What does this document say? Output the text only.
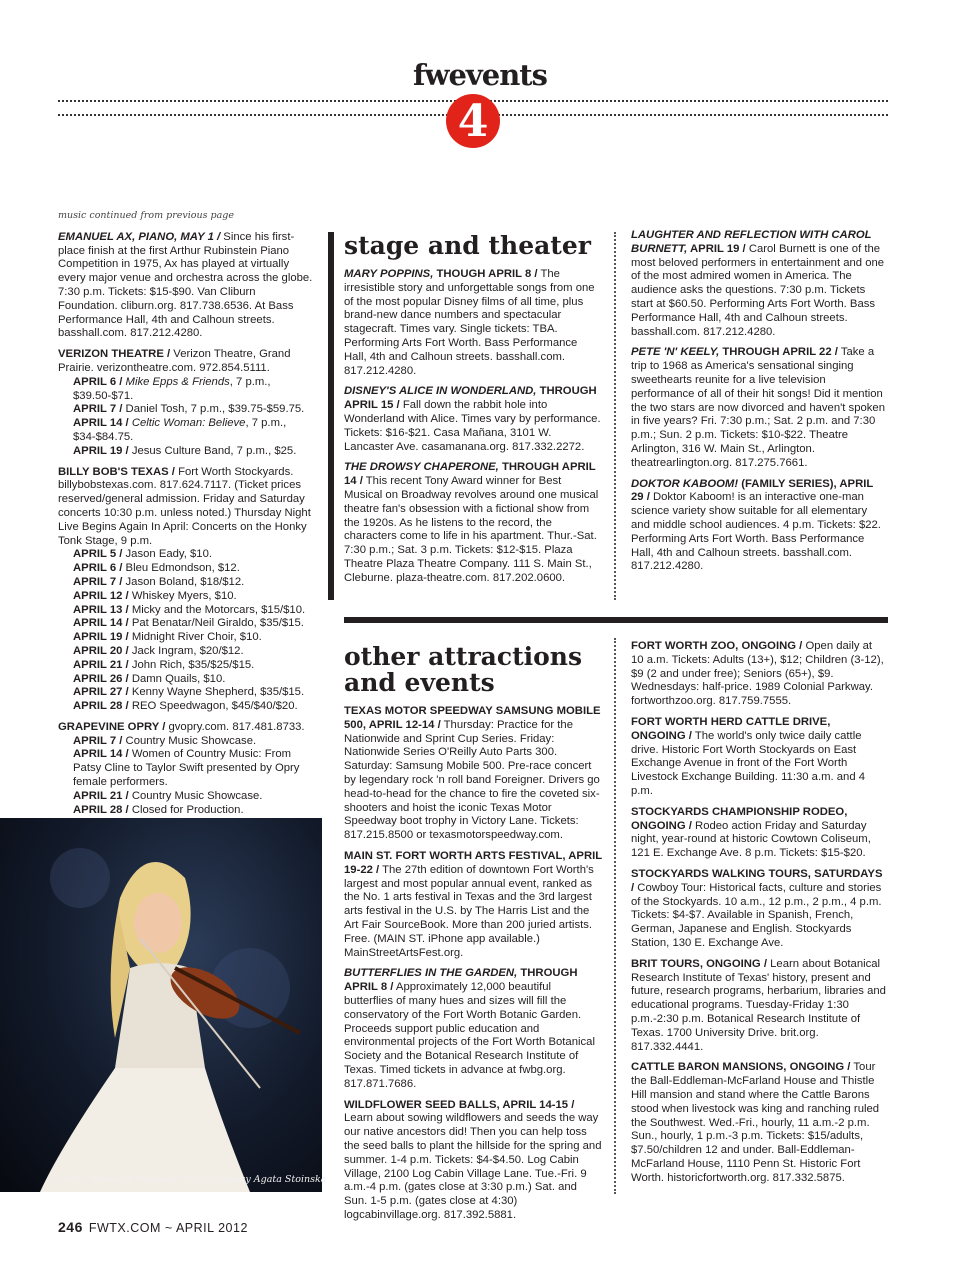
fwevents
4
music continued from previous page

EMANUEL AX, PIANO, MAY 1 / Since his first-place finish at the first Arthur Rubinstein Piano Competition in 1975, Ax has played at virtually every major venue and orchestra across the globe. 7:30 p.m. Tickets: $15-$90. Van Cliburn Foundation. cliburn.org. 817.738.6536. At Bass Performance Hall, 4th and Calhoun streets. basshall.com. 817.212.4280.

VERIZON THEATRE / Verizon Theatre, Grand Prairie. verizontheatre.com. 972.854.5111.

APRIL 6 / Mike Epps & Friends, 7 p.m., $39.50-$71.
APRIL 7 / Daniel Tosh, 7 p.m., $39.75-$59.75.
APRIL 14 / Celtic Woman: Believe, 7 p.m., $34-$84.75.
APRIL 19 / Jesus Culture Band, 7 p.m., $25.

BILLY BOB'S TEXAS / Fort Worth Stockyards. billybobstexas.com. 817.624.7117. (Ticket prices reserved/general admission. Friday and Saturday concerts 10:30 p.m. unless noted.) Thursday Night Live Begins Again In April: Concerts on the Honky Tonk Stage, 9 p.m.

APRIL 5 / Jason Eady, $10.
APRIL 6 / Bleu Edmondson, $12.
APRIL 7 / Jason Boland, $18/$12.
APRIL 12 / Whiskey Myers, $10.
APRIL 13 / Micky and the Motorcars, $15/$10.
APRIL 14 / Pat Benatar/Neil Giraldo, $35/$15.
APRIL 19 / Midnight River Choir, $10.
APRIL 20 / Jack Ingram, $20/$12.
APRIL 21 / John Rich, $35/$25/$15.
APRIL 26 / Damn Quails, $10.
APRIL 27 / Kenny Wayne Shepherd, $35/$15.
APRIL 28 / REO Speedwagon, $45/$40/$20.

GRAPEVINE OPRY / gvopry.com. 817.481.8733.

APRIL 7 / Country Music Showcase.
APRIL 14 / Women of Country Music: From Patsy Cline to Taylor Swift presented by Opry female performers.
APRIL 21 / Country Music Showcase.
APRIL 28 / Closed for Production.
Celtic Woman's Mairead Photo courtesy Agata Stoinska
stage and theater

MARY POPPINS, THOUGH APRIL 8 / The irresistible story and unforgettable songs from one of the most popular Disney films of all time, plus brand-new dance numbers and spectacular stagecraft. Times vary. Single tickets: TBA. Performing Arts Fort Worth. Bass Performance Hall, 4th and Calhoun streets. basshall.com. 817.212.4280.

DISNEY'S ALICE IN WONDERLAND, THROUGH APRIL 15 / Fall down the rabbit hole into Wonderland with Alice. Times vary by performance. Tickets: $16-$21. Casa Mañana, 3101 W. Lancaster Ave. casamanana.org. 817.332.2272.

THE DROWSY CHAPERONE, THROUGH APRIL 14 / This recent Tony Award winner for Best Musical on Broadway revolves around one musical theatre fan's obsession with a fictional show from the 1920s. As he listens to the record, the characters come to life in his apartment. Thur.-Sat. 7:30 p.m.; Sat. 3 p.m. Tickets: $12-$15. Plaza Theatre Plaza Theatre Company. 111 S. Main St., Cleburne. plaza-theatre.com. 817.202.0600.

LAUGHTER AND REFLECTION WITH CAROL BURNETT, APRIL 19 / Carol Burnett is one of the most beloved performers in entertainment and one of the most admired women in America. The audience asks the questions. 7:30 p.m. Tickets start at $60.50. Performing Arts Fort Worth. Bass Performance Hall, 4th and Calhoun streets. basshall.com. 817.212.4280.

PETE 'N' KEELY, THROUGH APRIL 22 / Take a trip to 1968 as America's sensational singing sweethearts reunite for a live television performance of all of their hit songs! Did it mention the two stars are now divorced and haven't spoken in five years? Fri. 7:30 p.m.; Sat. 2 p.m. and 7:30 p.m.; Sun. 2 p.m. Tickets: $10-$22. Theatre Arlington, 316 W. Main St., Arlington. theatrearlington.org. 817.275.7661.

DOKTOR KABOOM! (FAMILY SERIES), APRIL 29 / Doktor Kaboom! is an interactive one-man science variety show suitable for all elementary and middle school audiences. 4 p.m. Tickets: $22. Performing Arts Fort Worth. Bass Performance Hall, 4th and Calhoun streets. basshall.com. 817.212.4280.

other attractions and events

TEXAS MOTOR SPEEDWAY SAMSUNG MOBILE 500, APRIL 12-14 / Thursday: Practice for the Nationwide and Sprint Cup Series. Friday: Nationwide Series O'Reilly Auto Parts 300. Saturday: Samsung Mobile 500. Pre-race concert by legendary rock 'n roll band Foreigner. Drivers go head-to-head for the chance to fire the coveted six-shooters and hoist the iconic Texas Motor Speedway boot trophy in Victory Lane. Tickets: 817.215.8500 or texasmotorspeedway.com.

MAIN ST. FORT WORTH ARTS FESTIVAL, APRIL 19-22 / The 27th edition of downtown Fort Worth's largest and most popular annual event, ranked as the No. 1 arts festival in Texas and the 3rd largest arts festival in the U.S. by The Harris List and the Art Fair SourceBook. More than 200 juried artists. Free. (MAIN ST. iPhone app available.) MainStreetArtsFest.org.

BUTTERFLIES IN THE GARDEN, THROUGH APRIL 8 / Approximately 12,000 beautiful butterflies of many hues and sizes will fill the conservatory of the Fort Worth Botanic Garden. Proceeds support public education and environmental projects of the Fort Worth Botanical Society and the Botanical Research Institute of Texas. Timed tickets in advance at fwbg.org. 817.871.7686.

WILDFLOWER SEED BALLS, APRIL 14-15 / Learn about sowing wildflowers and seeds the way our native ancestors did! Then you can help toss the seed balls to plant the hillside for the spring and summer. 1-4 p.m. Tickets: $4-$4.50. Log Cabin Village, 2100 Log Cabin Village Lane. Tue.-Fri. 9 a.m.-4 p.m. (gates close at 3:30 p.m.) Sat. and Sun. 1-5 p.m. (gates close at 4:30) logcabinvillage.org. 817.392.5881.

FORT WORTH ZOO, ONGOING / Open daily at 10 a.m. Tickets: Adults (13+), $12; Children (3-12), $9 (2 and under free); Seniors (65+), $9. Wednesdays: half-price. 1989 Colonial Parkway. fortworthzoo.org. 817.759.7555.

FORT WORTH HERD CATTLE DRIVE, ONGOING / The world's only twice daily cattle drive. Historic Fort Worth Stockyards on East Exchange Avenue in front of the Fort Worth Livestock Exchange Building. 11:30 a.m. and 4 p.m.

STOCKYARDS CHAMPIONSHIP RODEO, ONGOING / Rodeo action Friday and Saturday night, year-round at historic Cowtown Coliseum, 121 E. Exchange Ave. 8 p.m. Tickets: $15-$20.

STOCKYARDS WALKING TOURS, SATURDAYS / Cowboy Tour: Historical facts, culture and stories of the Stockyards. 10 a.m., 12 p.m., 2 p.m., 4 p.m. Tickets: $4-$7. Available in Spanish, French, German, Japanese and English. Stockyards Station, 130 E. Exchange Ave.

BRIT TOURS, ONGOING / Learn about Botanical Research Institute of Texas' history, present and future, research programs, herbarium, libraries and educational programs. Tuesday-Friday 1:30 p.m.-2:30 p.m. Botanical Research Institute of Texas. 1700 University Drive. brit.org. 817.332.4441.

CATTLE BARON MANSIONS, ONGOING / Tour the Ball-Eddleman-McFarland House and Thistle Hill mansion and stand where the Cattle Barons stood when livestock was king and ranching ruled the Southwest. Wed.-Fri., hourly, 11 a.m.-2 p.m. Sun., hourly, 1 p.m.-3 p.m. Tickets: $15/adults, $7.50/children 12 and under. Ball-Eddleman-McFarland House, 1110 Penn St. Historic Fort Worth. historicfortworth.org. 817.332.5875.

246 FWTX.COM ~ APRIL 2012
